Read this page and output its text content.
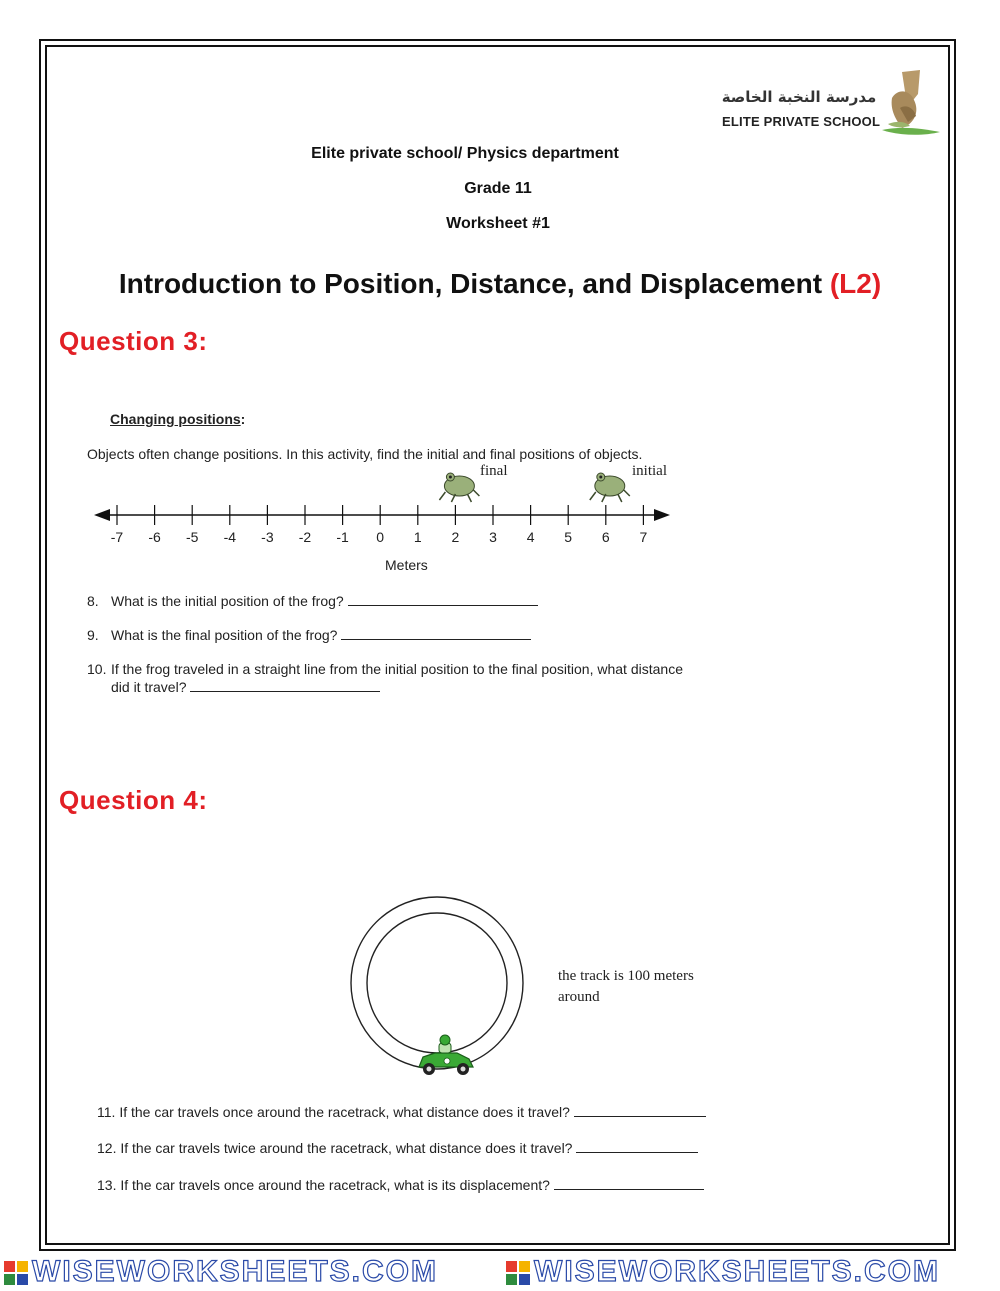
مدرسة النخبة الخاصة
ELITE PRIVATE SCHOOL
Elite private school/ Physics department
Grade 11
Worksheet #1
Introduction to Position, Distance, and Displacement (L2)
Question 3:
Changing positions:
Objects often change positions. In this activity, find the initial and final positions of objects.
final	initial
-7 -6 -5 -4 -3 -2 -1 0 1 2 3 4 5 6 7
Meters
8. What is the initial position of the frog?
9. What is the final position of the frog?
10. If the frog traveled in a straight line from the initial position to the final position, what distance
did it travel?
Question 4:
the track is 100 meters
around
11. If the car travels once around the racetrack, what distance does it travel?
12. If the car travels twice around the racetrack, what distance does it travel?
13. If the car travels once around the racetrack, what is its displacement?
WISEWORKSHEETS.COM	WISEWORKSHEETS.COM
